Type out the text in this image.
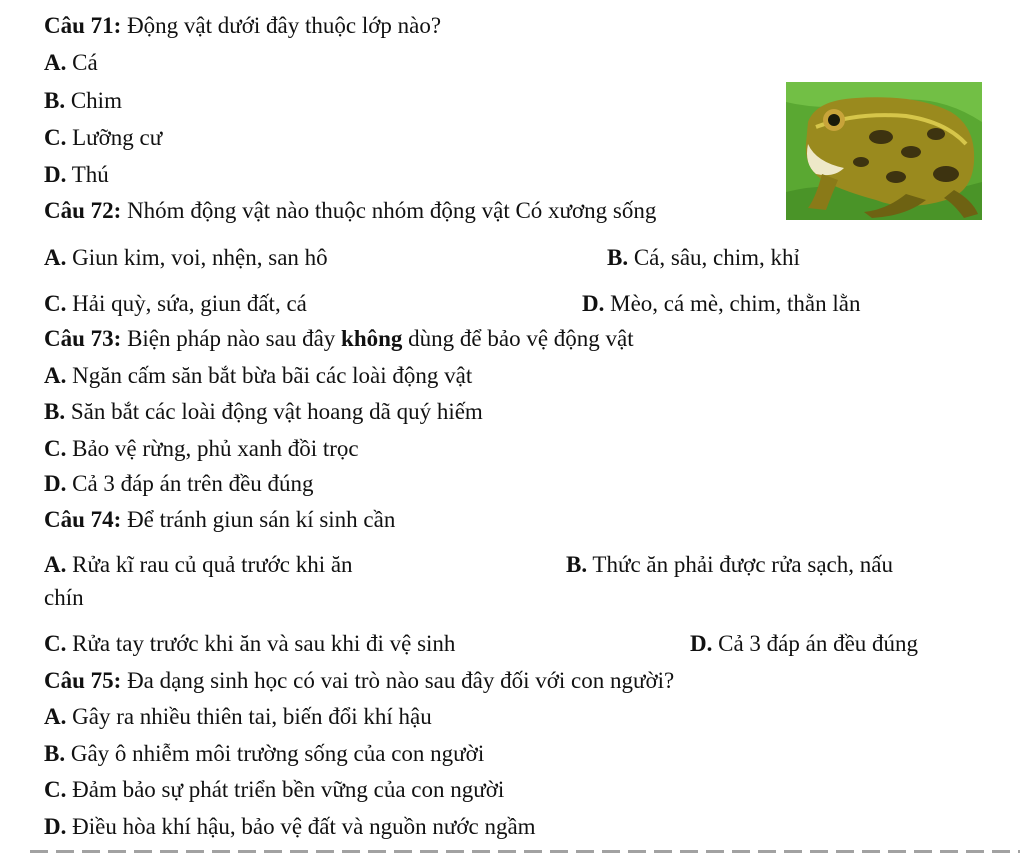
Câu 71: Động vật dưới đây thuộc lớp nào?
A. Cá
B. Chim
C. Lưỡng cư
D. Thú
Câu 72: Nhóm động vật nào thuộc nhóm động vật Có xương sống
A. Giun kim, voi, nhện, san hô	B. Cá, sâu, chim, khỉ
C. Hải quỳ, sứa, giun đất, cá	D. Mèo, cá mè, chim, thằn lằn
Câu 73: Biện pháp nào sau đây không dùng để bảo vệ động vật
A. Ngăn cấm săn bắt bừa bãi các loài động vật
B. Săn bắt các loài động vật hoang dã quý hiếm
C. Bảo vệ rừng, phủ xanh đồi trọc
D. Cả 3 đáp án trên đều đúng
Câu 74: Để tránh giun sán kí sinh cần
A. Rửa kĩ rau củ quả trước khi ăn	B. Thức ăn phải được rửa sạch, nấu
chín
C. Rửa tay trước khi ăn và sau khi đi vệ sinh	D. Cả 3 đáp án đều đúng
Câu 75: Đa dạng sinh học có vai trò nào sau đây đối với con người?
A. Gây ra nhiều thiên tai, biến đổi khí hậu
B. Gây ô nhiễm môi trường sống của con người
C. Đảm bảo sự phát triển bền vững của con người
D. Điều hòa khí hậu, bảo vệ đất và nguồn nước ngầm
